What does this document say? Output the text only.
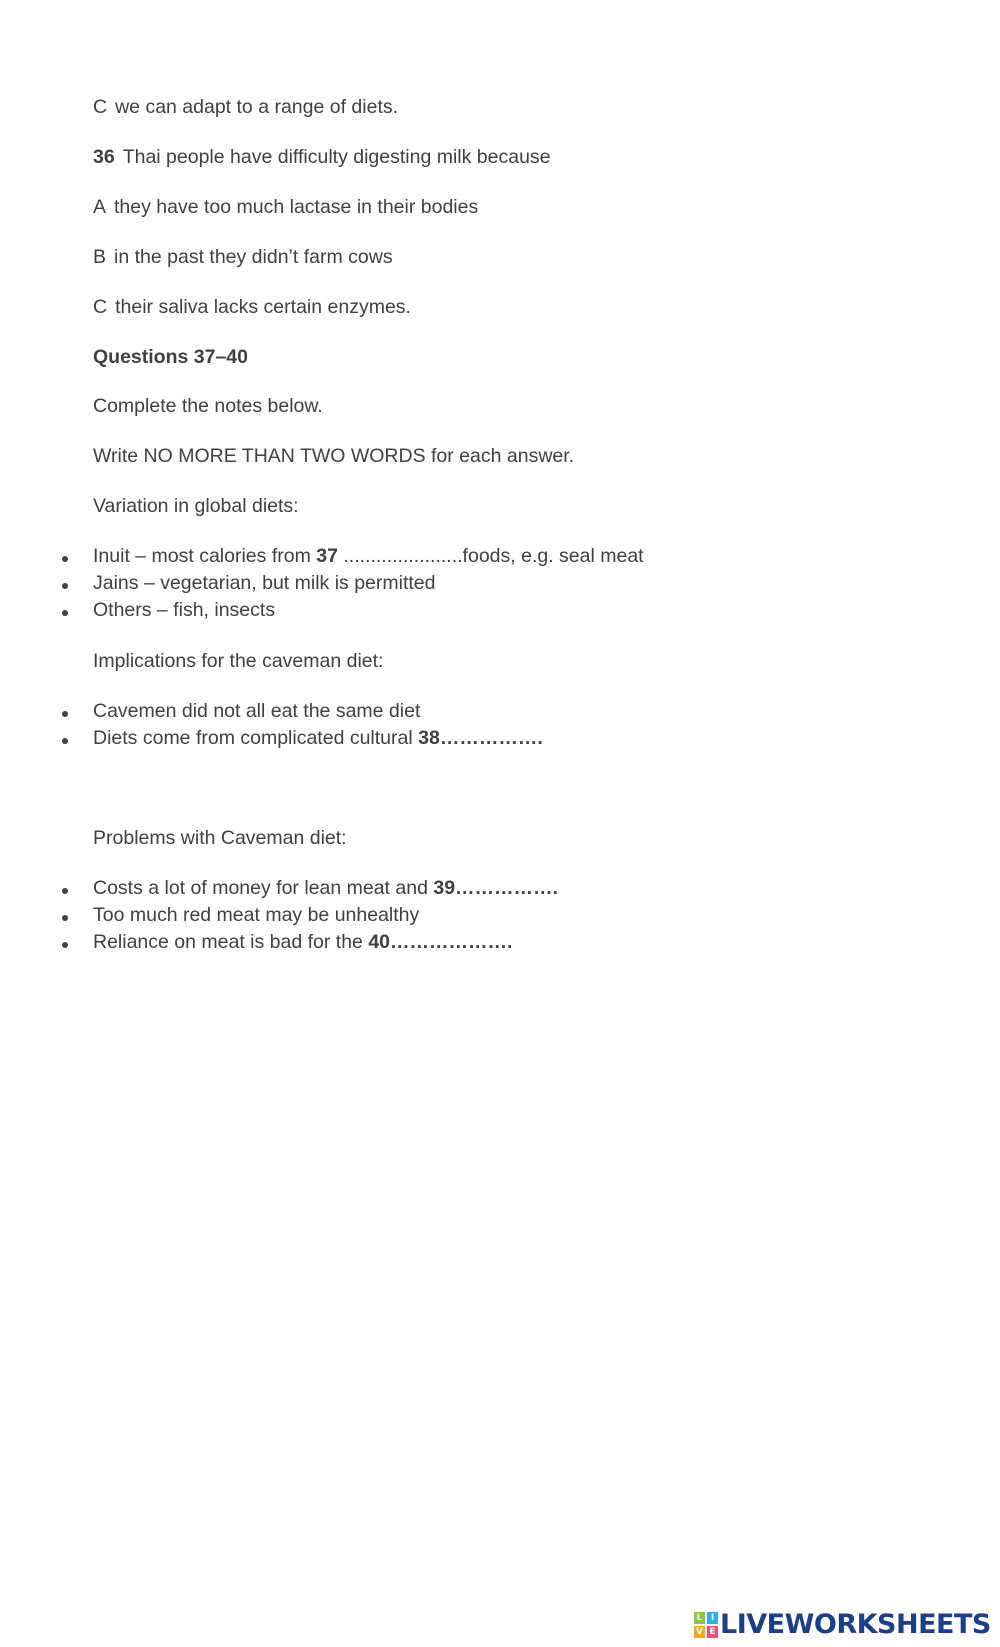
C we can adapt to a range of diets.
36 Thai people have difficulty digesting milk because
A they have too much lactase in their bodies
B in the past they didn’t farm cows
C their saliva lacks certain enzymes.
Questions 37–40
Complete the notes below.
Write NO MORE THAN TWO WORDS for each answer.
Variation in global diets:
Inuit – most calories from 37 ......................foods, e.g. seal meat
Jains – vegetarian, but milk is permitted
Others – fish, insects
Implications for the caveman diet:
Cavemen did not all eat the same diet
Diets come from complicated cultural 38…………….
Problems with Caveman diet:
Costs a lot of money for lean meat and 39…………….
Too much red meat may be unhealthy
Reliance on meat is bad for the 40……………….
L I
V E LIVEWORKSHEETS
